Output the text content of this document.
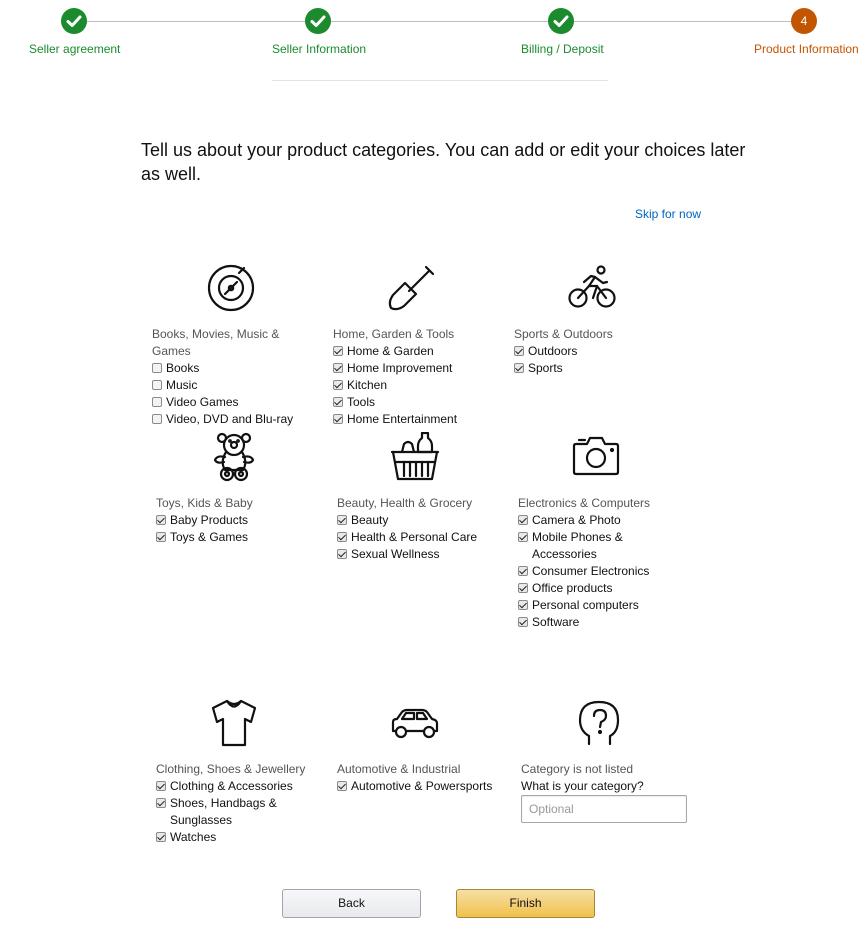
Seller agreement	Seller Information	Billing / Deposit
4
Product Information
Tell us about your product categories. You can add or edit your choices later as well.
Skip for now
Books, Movies, Music & Games
Books
Music
Video Games
Video, DVD and Blu-ray
Home, Garden & Tools
Home & Garden
Home Improvement
Kitchen
Tools
Home Entertainment
Sports & Outdoors
Outdoors
Sports
Toys, Kids & Baby
Baby Products
Toys & Games
Beauty, Health & Grocery
Beauty
Health & Personal Care
Sexual Wellness
Electronics & Computers
Camera & Photo
Mobile Phones & Accessories
Consumer Electronics
Office products
Personal computers
Software
Clothing, Shoes & Jewellery
Clothing & Accessories
Shoes, Handbags & Sunglasses
Watches
Automotive & Industrial
Automotive & Powersports
Category is not listed
What is your category?
Optional
Back	Finish
